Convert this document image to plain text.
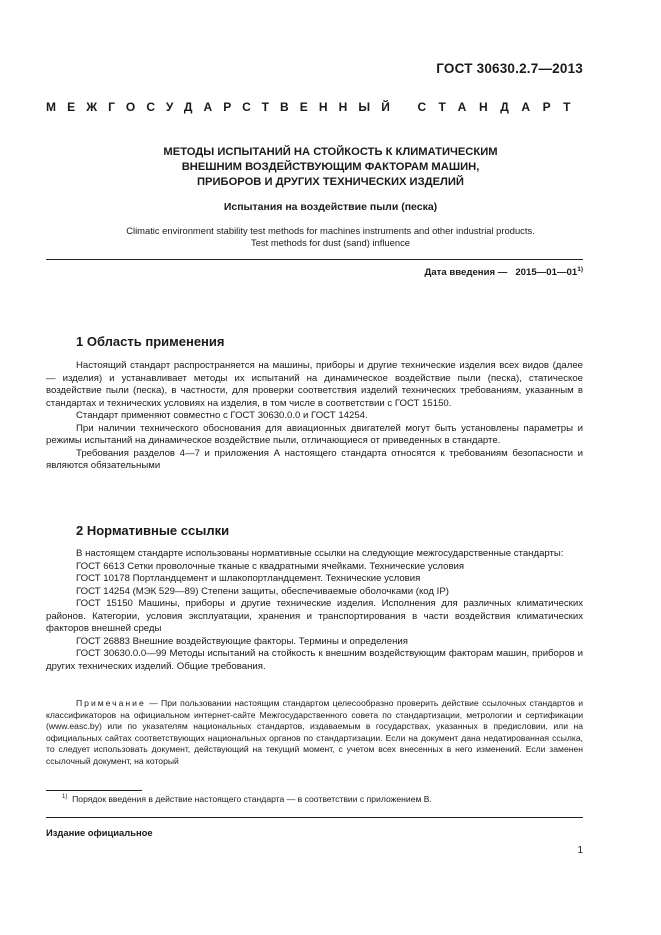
ГОСТ 30630.2.7—2013
МЕЖГОСУДАРСТВЕННЫЙ СТАНДАРТ
МЕТОДЫ ИСПЫТАНИЙ НА СТОЙКОСТЬ К КЛИМАТИЧЕСКИМ
ВНЕШНИМ ВОЗДЕЙСТВУЮЩИМ ФАКТОРАМ МАШИН,
ПРИБОРОВ И ДРУГИХ ТЕХНИЧЕСКИХ ИЗДЕЛИЙ
Испытания на воздействие пыли (песка)
Climatic environment stability test methods for machines instruments and other industrial products.
Test methods for dust (sand) influence
Дата введения — 2015—01—01$^{1)}$
1 Область применения

Настоящий стандарт распространяется на машины, приборы и другие технические изделия всех видов (далее — изделия) и устанавливает методы их испытаний на динамическое воздействие пыли (песка), статическое воздействие пыли (песка), в частности, для проверки соответствия изделий технических требованиям, указанным в стандартах и технических условиях на изделия, в том числе в соответствии с ГОСТ 15150.

Стандарт применяют совместно с ГОСТ 30630.0.0 и ГОСТ 14254.

При наличии технического обоснования для авиационных двигателей могут быть установлены параметры и режимы испытаний на динамическое воздействие пыли, отличающиеся от приведенных в стандарте.

Требования разделов 4—7 и приложения А настоящего стандарта относятся к требованиям безопасности и являются обязательными

2 Нормативные ссылки

В настоящем стандарте использованы нормативные ссылки на следующие межгосударственные стандарты:

ГОСТ 6613 Сетки проволочные тканые с квадратными ячейками. Технические условия

ГОСТ 10178 Портландцемент и шлакопортландцемент. Технические условия

ГОСТ 14254 (МЭК 529—89) Степени защиты, обеспечиваемые оболочками (код IP)

ГОСТ 15150 Машины, приборы и другие технические изделия. Исполнения для различных климатических районов. Категории, условия эксплуатации, хранения и транспортирования в части воздействия климатических факторов внешней среды

ГОСТ 26883 Внешние воздействующие факторы. Термины и определения

ГОСТ 30630.0.0—99 Методы испытаний на стойкость к внешним воздействующим факторам машин, приборов и других технических изделий. Общие требования.

Примечание — При пользовании настоящим стандартом целесообразно проверить действие ссылочных стандартов и классификаторов на официальном интернет-сайте Межгосударственного совета по стандартизации, метрологии и сертификации (www.easc.by) или по указателям национальных стандартов, издаваемым в государствах, указанных в предисловии, или на официальных сайтах соответствующих национальных органов по стандартизации. Если на документ дана недатированная ссылка, то следует использовать документ, действующий на текущий момент, с учетом всех внесенных в него изменений. Если заменен ссылочный документ, на который
$^{1)}$ Порядок введения в действие настоящего стандарта — в соответствии с приложением В.
Издание официальное
1
